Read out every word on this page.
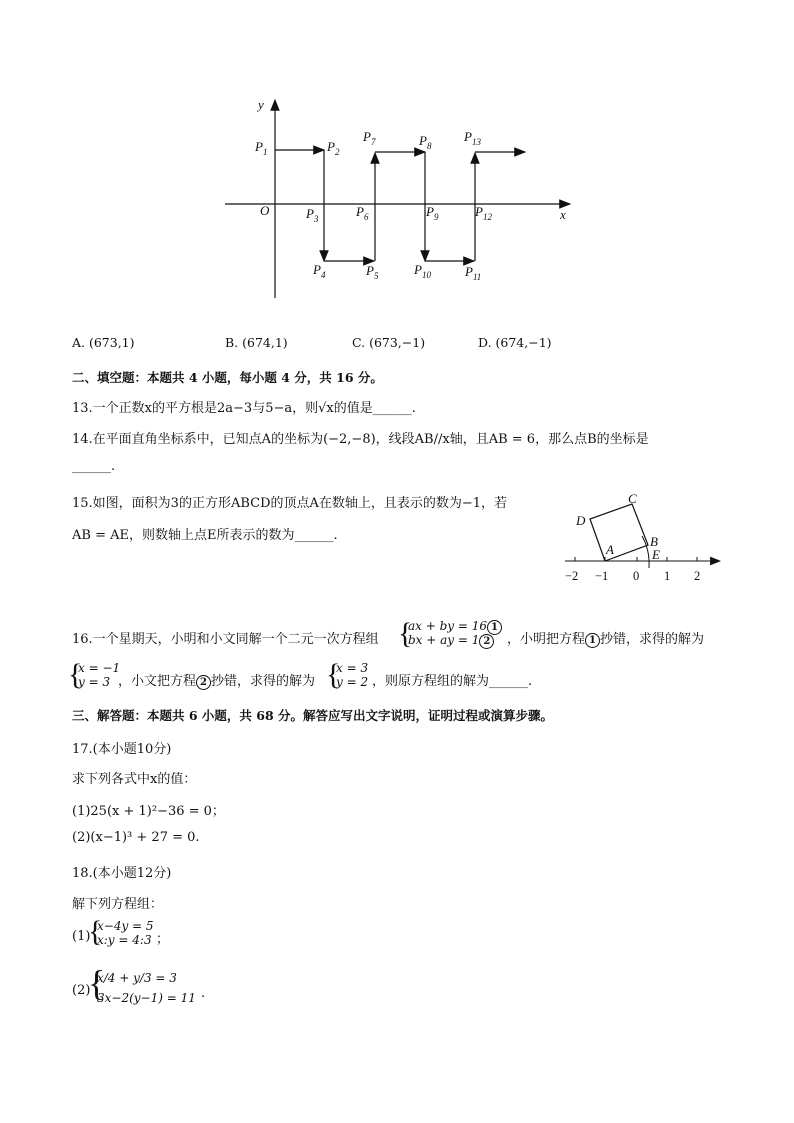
x
y
O
$P_1$	$P_2$
$P_3$
$P_4$	$P_5$
$P_6$
$P_7$	$P_8$
$P_9$
$P_{10}$	$P_{11}$
$P_{12}$
$P_{13}$
A. (673,1)	B. (674,1)	C. (673,−1)	D. (674,−1)
二、填空题：本题共 4 小题，每小题 4 分，共 16 分。
13.一个正数x的平方根是2a−3与5−a，则√x的值是______.
14.在平面直角坐标系中，已知点A的坐标为(−2,−8)，线段AB//x轴，且AB = 6，那么点B的坐标是
______.
15.如图，面积为3的正方形ABCD的顶点A在数轴上，且表示的数为−1，若
AB = AE，则数轴上点E所表示的数为______.
−2 −1 0 1 2
A
B
C
D
E
16.一个星期天，小明和小文同解一个二元一次方程组 {
ax + by = 16 1
bx + ay = 1 2	，小明把方程 1 抄错，求得的解为
{
x = −1
y = 3 ，小文把方程 2 抄错，求得的解为 {
x = 3
y = 2 ，则原方程组的解为______.
三、解答题：本题共 6 小题，共 68 分。解答应写出文字说明，证明过程或演算步骤。
17.(本小题10分)
求下列各式中x的值：
(1)25(x + 1)²−36 = 0；
(2)(x−1)³ + 27 = 0.
18.(本小题12分)
解下列方程组：
(1)
{
x−4y = 5
x:y = 4:3 ；
(2)
{
x/4 + y/3 = 3
3x−2(y−1) = 11 .
